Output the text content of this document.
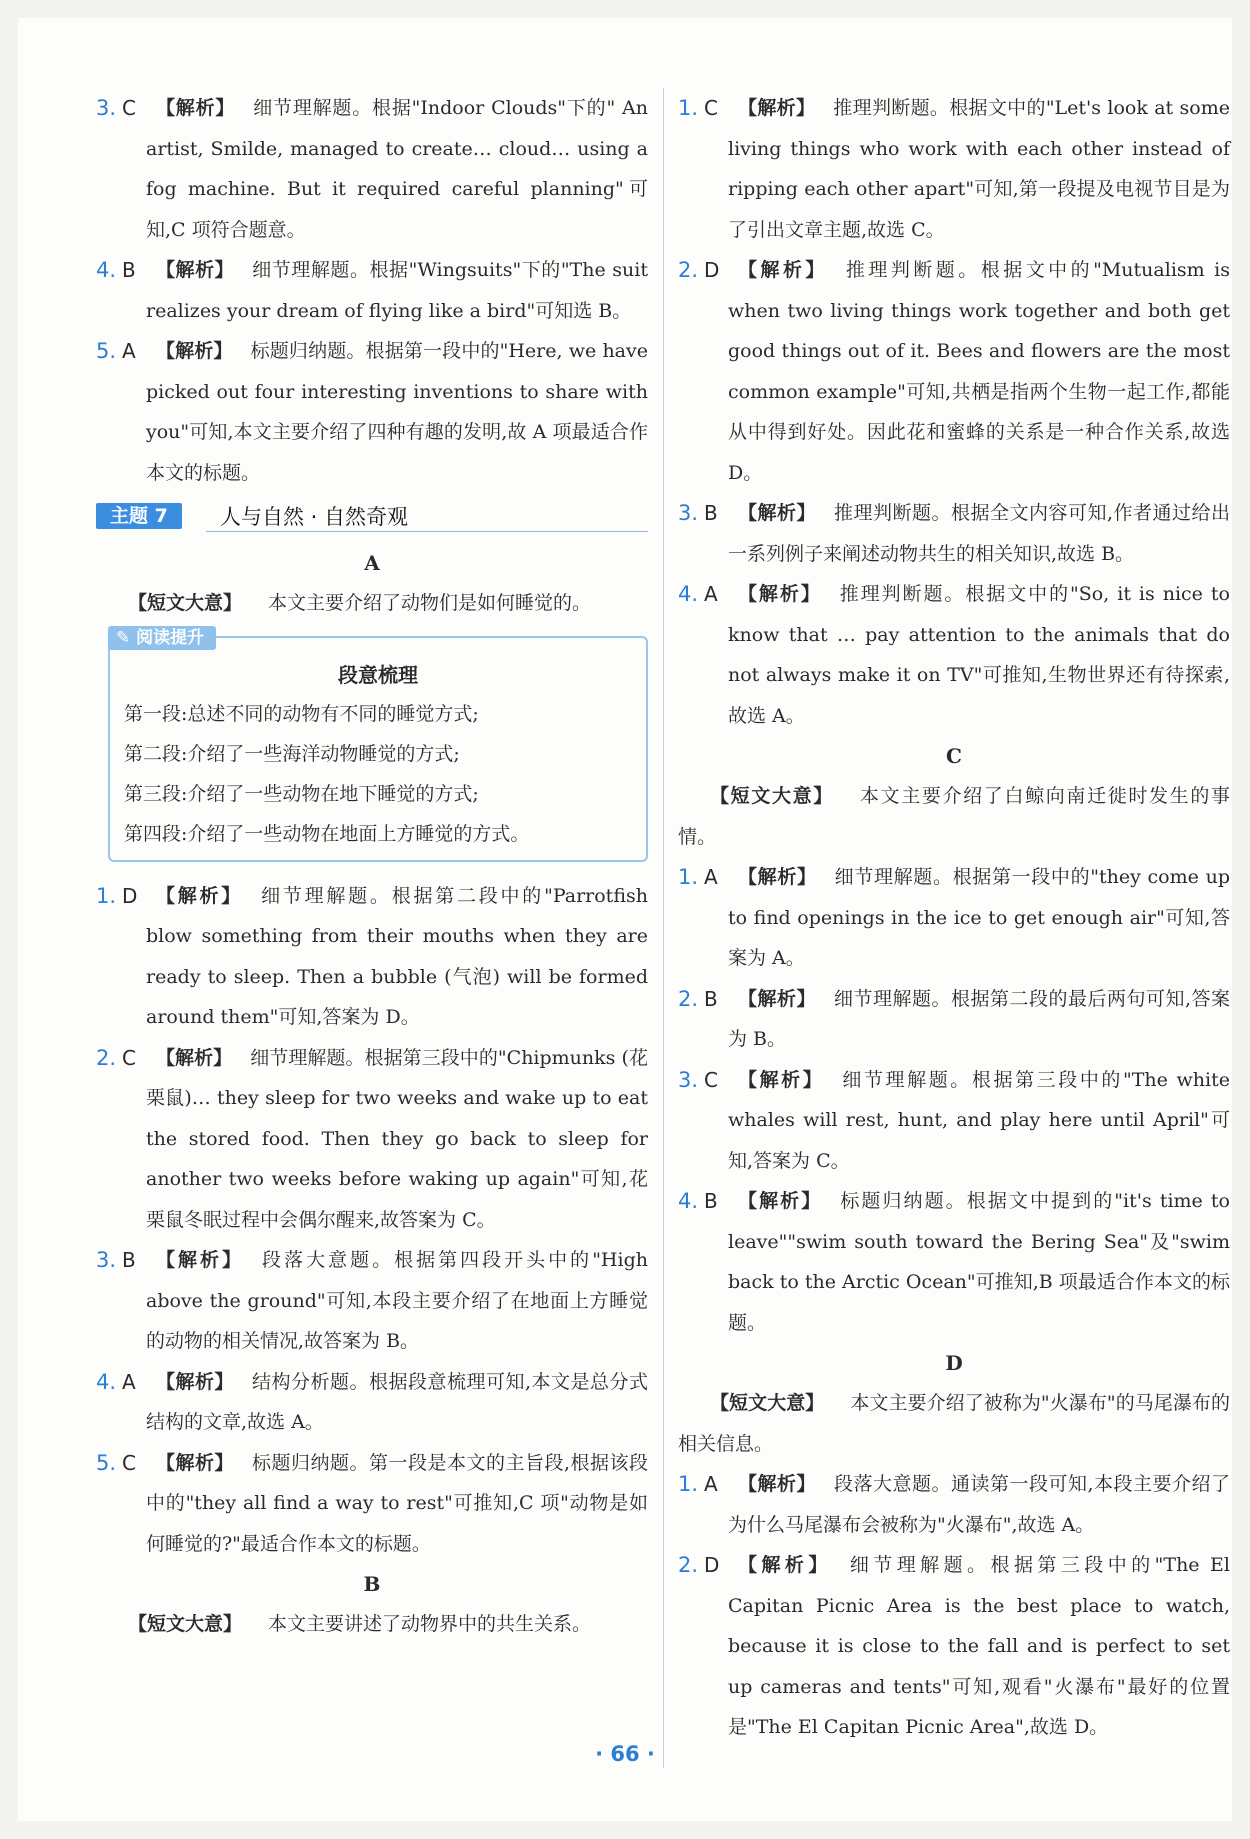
3. C	【解析】 细节理解题。根据"Indoor Clouds"下的" An artist, Smilde, managed to create… cloud… using a fog machine. But it required careful planning"可知,C 项符合题意。
4. B	【解析】 细节理解题。根据"Wingsuits"下的"The suit realizes your dream of flying like a bird"可知选 B。
5. A	【解析】 标题归纳题。根据第一段中的"Here, we have picked out four interesting inventions to share with you"可知,本文主要介绍了四种有趣的发明,故 A 项最适合作本文的标题。
主题 7	人与自然 · 自然奇观
A
【短文大意】 本文主要介绍了动物们是如何睡觉的。
✎ 阅读提升
段意梳理
第一段:总述不同的动物有不同的睡觉方式;
第二段:介绍了一些海洋动物睡觉的方式;
第三段:介绍了一些动物在地下睡觉的方式;
第四段:介绍了一些动物在地面上方睡觉的方式。
1. D 【解析】 细节理解题。根据第二段中的"Parrotfish blow something from their mouths when they are ready to sleep. Then a bubble (气泡) will be formed around them"可知,答案为 D。
2. C	【解析】 细节理解题。根据第三段中的"Chipmunks (花栗鼠)… they sleep for two weeks and wake up to eat the stored food. Then they go back to sleep for another two weeks before waking up again"可知,花栗鼠冬眠过程中会偶尔醒来,故答案为 C。
3. B	【解析】 段落大意题。根据第四段开头中的"High above the ground"可知,本段主要介绍了在地面上方睡觉的动物的相关情况,故答案为 B。
4. A	【解析】 结构分析题。根据段意梳理可知,本文是总分式结构的文章,故选 A。
5. C	【解析】 标题归纳题。第一段是本文的主旨段,根据该段中的"they all find a way to rest"可推知,C 项"动物是如何睡觉的?"最适合作本文的标题。
B
【短文大意】 本文主要讲述了动物界中的共生关系。
1. C	【解析】 推理判断题。根据文中的"Let's look at some living things who work with each other instead of ripping each other apart"可知,第一段提及电视节目是为了引出文章主题,故选 C。
2. D 【解析】 推理判断题。根据文中的"Mutualism is when two living things work together and both get good things out of it. Bees and flowers are the most common example"可知,共栖是指两个生物一起工作,都能从中得到好处。因此花和蜜蜂的关系是一种合作关系,故选 D。
3. B	【解析】 推理判断题。根据全文内容可知,作者通过给出一系列例子来阐述动物共生的相关知识,故选 B。
4. A	【解析】 推理判断题。根据文中的"So, it is nice to know that … pay attention to the animals that do not always make it on TV"可推知,生物世界还有待探索,故选 A。
C
【短文大意】 本文主要介绍了白鲸向南迁徙时发生的事情。
1. A	【解析】 细节理解题。根据第一段中的"they come up to find openings in the ice to get enough air"可知,答案为 A。
2. B	【解析】 细节理解题。根据第二段的最后两句可知,答案为 B。
3. C	【解析】 细节理解题。根据第三段中的"The white whales will rest, hunt, and play here until April"可知,答案为 C。
4. B	【解析】 标题归纳题。根据文中提到的"it's time to leave""swim south toward the Bering Sea"及"swim back to the Arctic Ocean"可推知,B 项最适合作本文的标题。
D
【短文大意】 本文主要介绍了被称为"火瀑布"的马尾瀑布的相关信息。
1. A	【解析】 段落大意题。通读第一段可知,本段主要介绍了为什么马尾瀑布会被称为"火瀑布",故选 A。
2. D 【解析】 细节理解题。根据第三段中的"The El Capitan Picnic Area is the best place to watch, because it is close to the fall and is perfect to set up cameras and tents"可知,观看"火瀑布"最好的位置是"The El Capitan Picnic Area",故选 D。
· 66 ·
